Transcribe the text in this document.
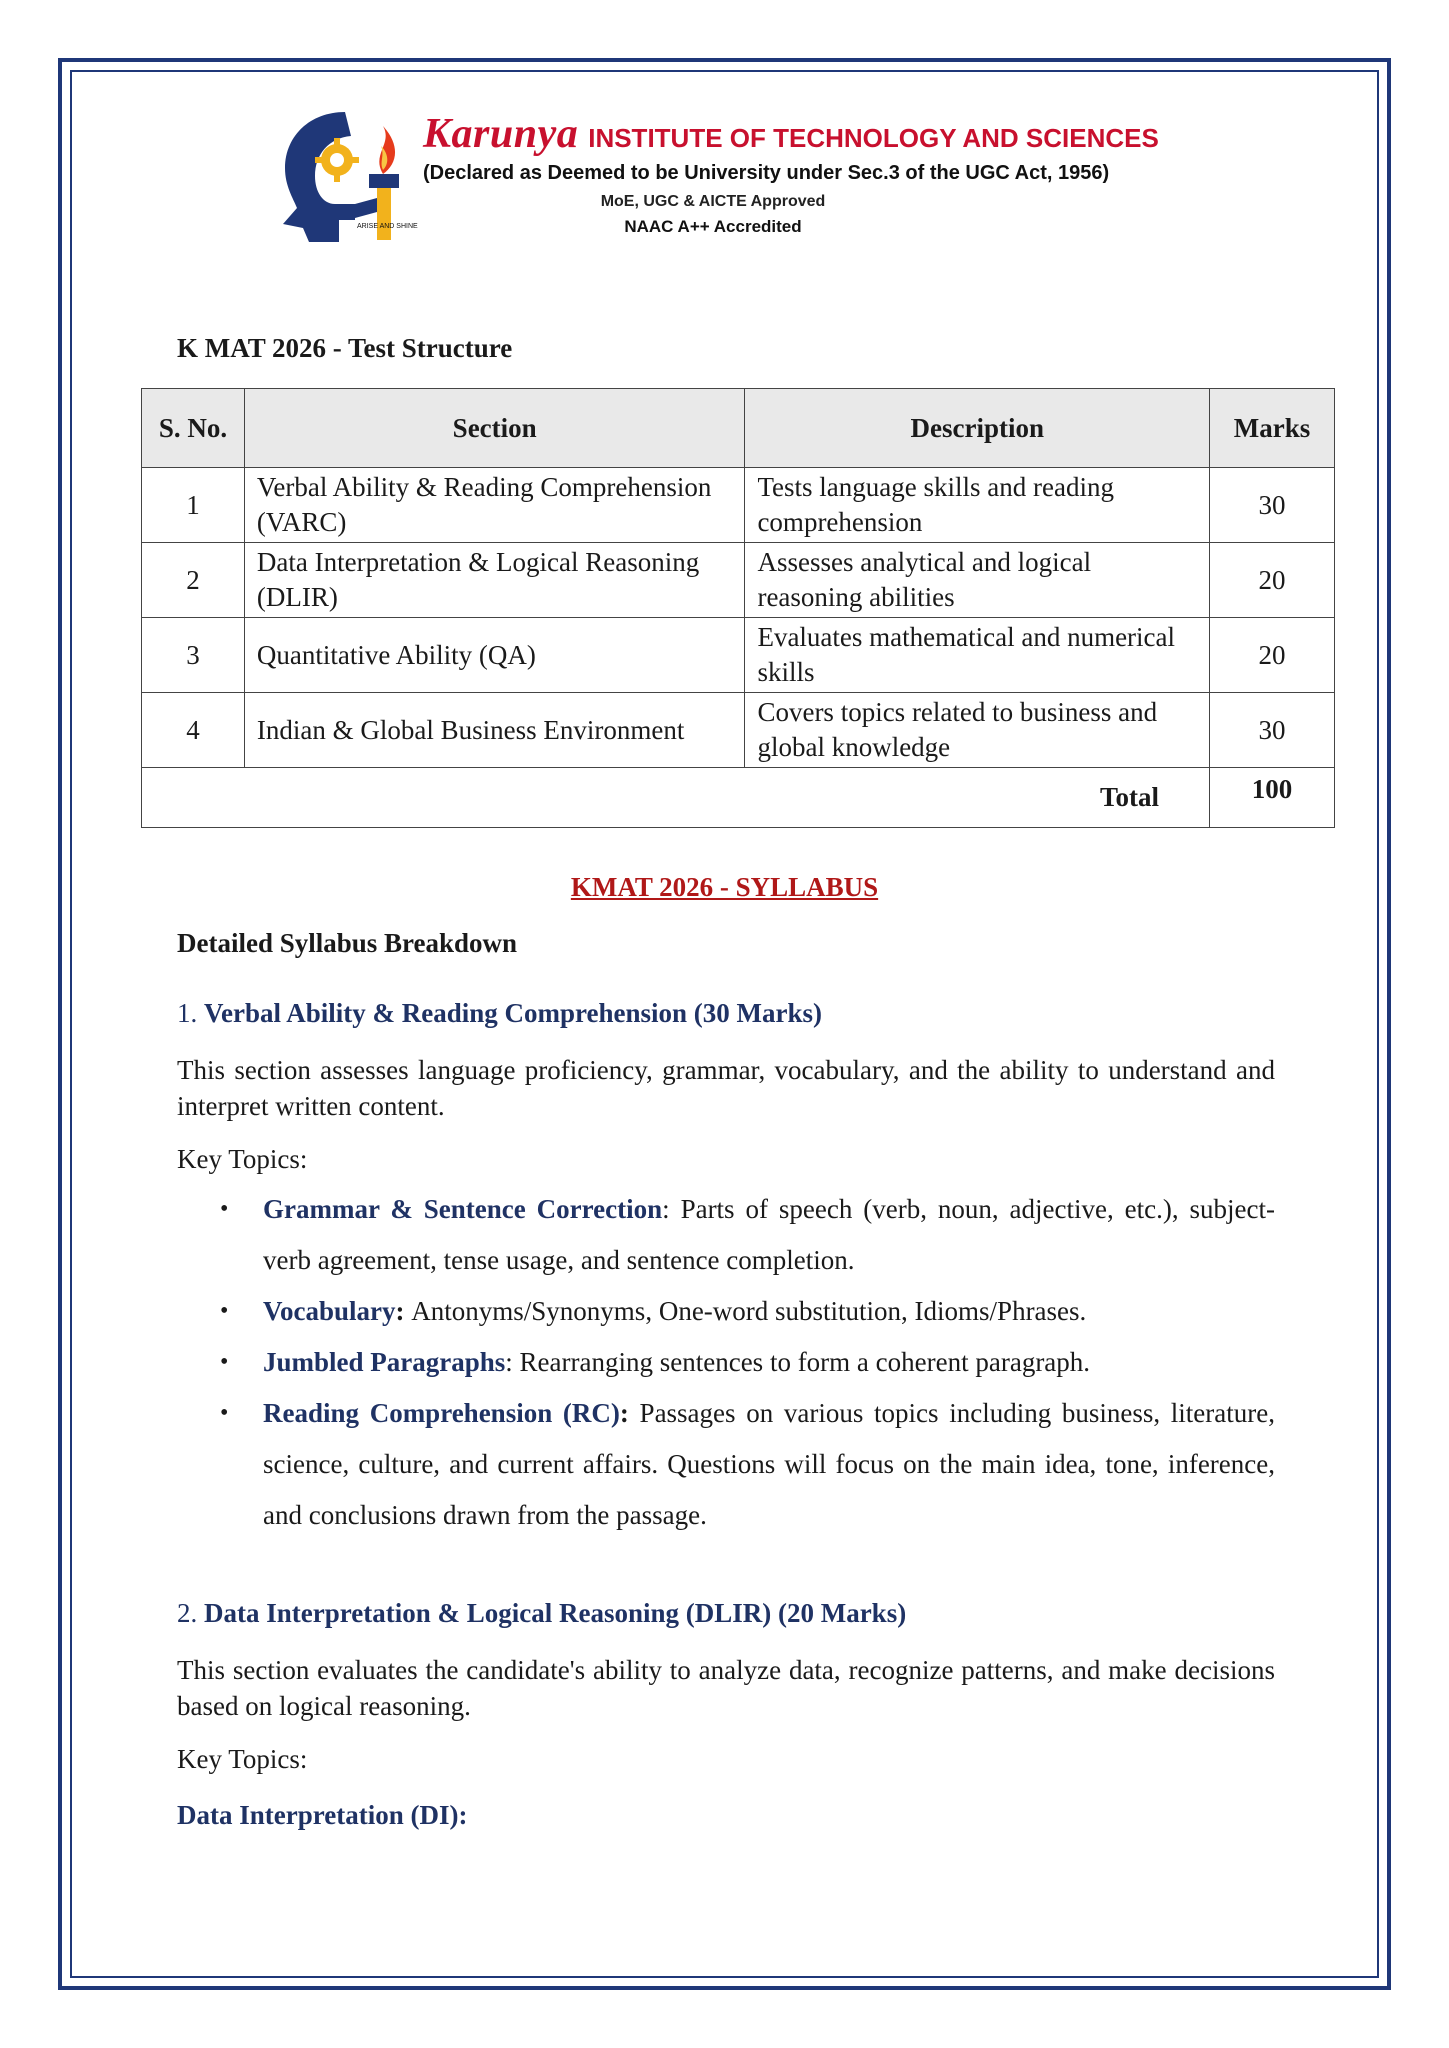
ARISE AND SHINE
Karunya INSTITUTE OF TECHNOLOGY AND SCIENCES
(Declared as Deemed to be University under Sec.3 of the UGC Act, 1956)
MoE, UGC & AICTE Approved
NAAC A++ Accredited
K MAT 2026 - Test Structure
S. No.	Section	Description	Marks
1	Verbal Ability & Reading Comprehension (VARC)	Tests language skills and reading comprehension	30
2	Data Interpretation & Logical Reasoning (DLIR)	Assesses analytical and logical reasoning abilities	20
3	Quantitative Ability (QA)	Evaluates mathematical and numerical skills	20
4	Indian & Global Business Environment	Covers topics related to business and global knowledge	30
Total			100
KMAT 2026 - SYLLABUS
Detailed Syllabus Breakdown
1. Verbal Ability & Reading Comprehension (30 Marks)
This section assesses language proficiency, grammar, vocabulary, and the ability to understand and interpret written content.
Key Topics:
• Grammar & Sentence Correction: Parts of speech (verb, noun, adjective, etc.), subject-verb agreement, tense usage, and sentence completion.
• Vocabulary: Antonyms/Synonyms, One-word substitution, Idioms/Phrases.
• Jumbled Paragraphs: Rearranging sentences to form a coherent paragraph.
• Reading Comprehension (RC): Passages on various topics including business, literature, science, culture, and current affairs. Questions will focus on the main idea, tone, inference, and conclusions drawn from the passage.
2. Data Interpretation & Logical Reasoning (DLIR) (20 Marks)
This section evaluates the candidate's ability to analyze data, recognize patterns, and make decisions based on logical reasoning.
Key Topics:
Data Interpretation (DI):
